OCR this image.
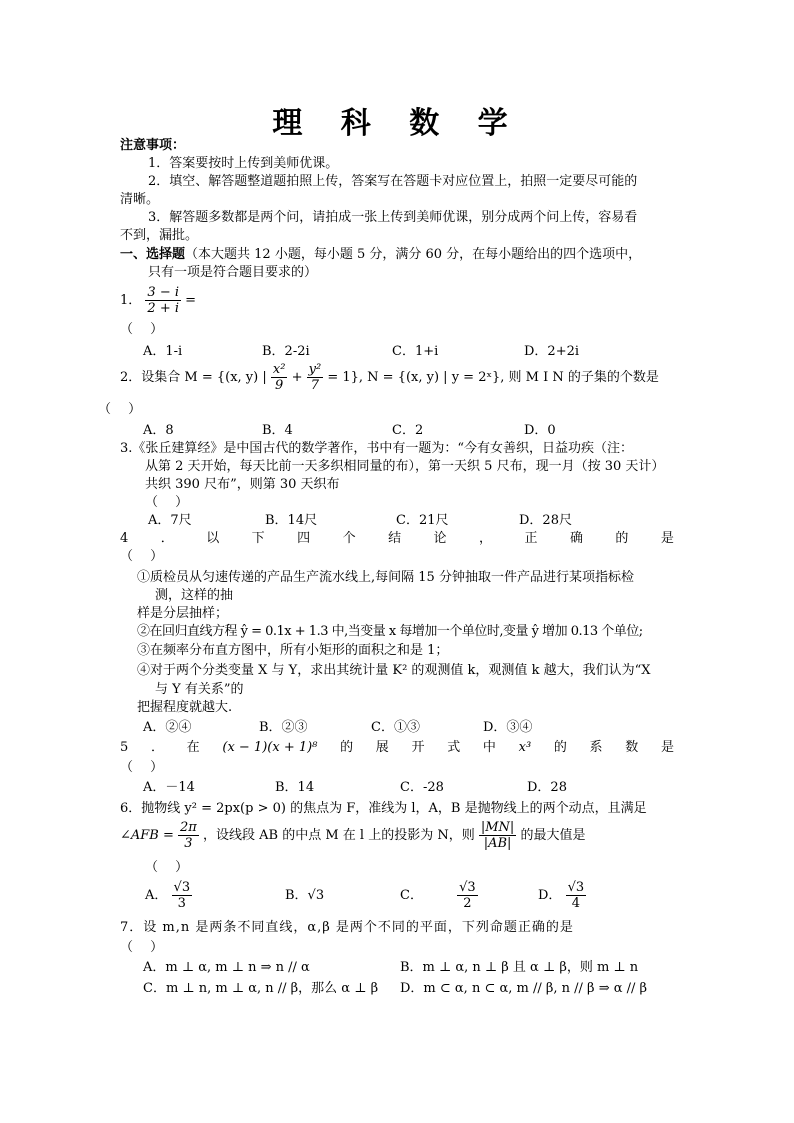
理 科 数 学
注意事项：
1．答案要按时上传到美师优课。
2．填空、解答题整道题拍照上传，答案写在答题卡对应位置上，拍照一定要尽可能的
清晰。
3．解答题多数都是两个问，请拍成一张上传到美师优课，别分成两个问上传，容易看
不到，漏批。
一、选择题（本大题共 12 小题，每小题 5 分，满分 60 分，在每小题给出的四个选项中，
只有一项是符合题目要求的）
1． $\frac{3 - i}{2 + i}$ =
（　 ）
A．1-i	B．2-2i	C．1+i	D．2+2i
2．设集合 M = {(x, y) | $\frac{\text{x²}}{9} + \frac{\text{y²}}{7} = 1$}, N = {(x, y) | y = 2ˣ}, 则 M I N 的子集的个数是
（　 ）
A．8	B．4	C．2	D．0
3.《张丘建算经》是中国古代的数学著作，书中有一题为：“今有女善织，日益功疾（注：
从第 2 天开始，每天比前一天多织相同量的布），第一天织 5 尺布，现一月（按 30 天计）
共织 390 尺布”，则第 30 天织布
（　 ）
A．7尺	B．14尺	C．21尺	D．28尺
4 ． 以 下 四 个 结 论 ， 正 确 的 是
（　 ）
①质检员从匀速传递的产品生产流水线上,每间隔 15 分钟抽取一件产品进行某项指标检
测，这样的抽
样是分层抽样；
②在回归直线方程 ŷ = 0.1x + 1.3 中,当变量 x 每增加一个单位时,变量 ŷ 增加 0.13 个单位;
③在频率分布直方图中，所有小矩形的面积之和是 1；
④对于两个分类变量 X 与 Y，求出其统计量 K² 的观测值 k，观测值 k 越大，我们认为“X
与 Y 有关系”的
把握程度就越大.
A．②④	B．②③	C．①③	D．③④
5 ． 在 (x − 1)(x + 1)⁸ 的 展 开 式 中 x³ 的 系 数 是
（　 ）
A．－14	B．14	C．-28	D．28
6．抛物线 y² = 2px(p > 0) 的焦点为 F，准线为 l，A，B 是抛物线上的两个动点，且满足
∠AFB = $\frac{2\pi}{3}$ ，设线段 AB 的中点 M 在 l 上的投影为 N，则 $\frac{|MN|}{|AB|}$ 的最大值是
（　 ）
A． $\frac{√3}{3}$	B．√3	C．	$\frac{√3}{2}$	D． $\frac{√3}{4}$
7．设 m,n 是两条不同直线，α,β 是两个不同的平面，下列命题正确的是
（　 ）
A．m ⊥ α, m ⊥ n ⇒ n // α	B．m ⊥ α, n ⊥ β 且 α ⊥ β，则 m ⊥ n
C．m ⊥ n, m ⊥ α, n // β，那么 α ⊥ β D．m ⊂ α, n ⊂ α, m // β, n // β ⇒ α // β
